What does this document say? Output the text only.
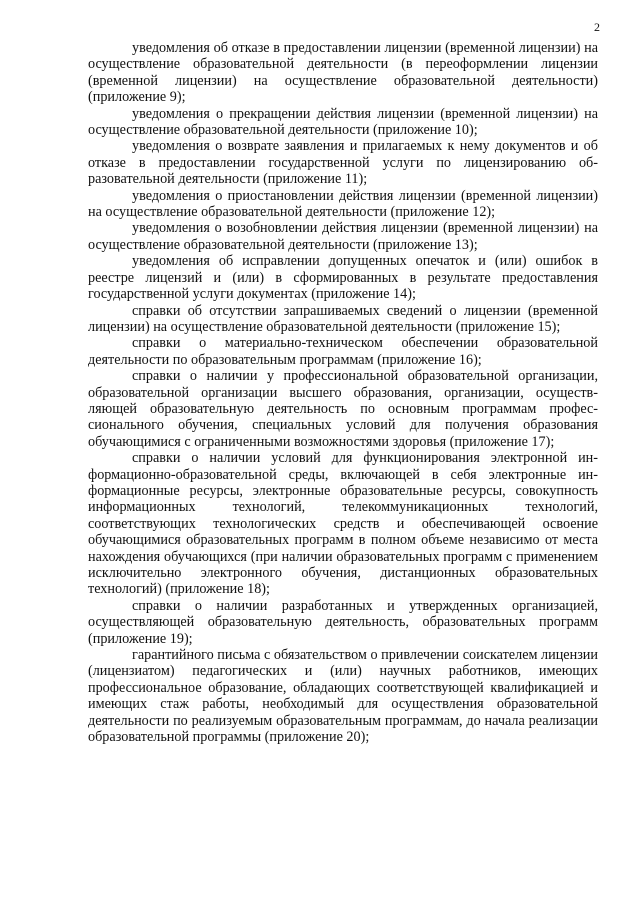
2

уведомления об отказе в предоставлении лицензии (временной лицензии) на осуществление образовательной деятельности (в переоформлении лицензии (временной лицензии) на осуществление образовательной деятельности) (приложение 9);

уведомления о прекращении действия лицензии (временной лицензии) на осуществление образовательной деятельности (приложение 10);

уведомления о возврате заявления и прилагаемых к нему документов и об отказе в предоставлении государственной услуги по лицензированию образовательной деятельности (приложение 11);

уведомления о приостановлении действия лицензии (временной лицензии) на осуществление образовательной деятельности (приложение 12);

уведомления о возобновлении действия лицензии (временной лицензии) на осуществление образовательной деятельности (приложение 13);

уведомления об исправлении допущенных опечаток и (или) ошибок в реестре лицензий и (или) в сформированных в результате предоставления государственной услуги документах (приложение 14);

справки об отсутствии запрашиваемых сведений о лицензии (временной лицензии) на осуществление образовательной деятельности (приложение 15);

справки о материально-техническом обеспечении образовательной деятельности по образовательным программам (приложение 16);

справки о наличии у профессиональной образовательной организации, образовательной организации высшего образования, организации, осуществляющей образовательную деятельность по основным программам профессионального обучения, специальных условий для получения образования обучающимися с ограниченными возможностями здоровья (приложение 17);

справки о наличии условий для функционирования электронной информационно-образовательной среды, включающей в себя электронные информационные ресурсы, электронные образовательные ресурсы, совокупность информационных технологий, телекоммуникационных технологий, соответствующих технологических средств и обеспечивающей освоение обучающимися образовательных программ в полном объеме независимо от места нахождения обучающихся (при наличии образовательных программ с применением исключительно электронного обучения, дистанционных образовательных технологий) (приложение 18);

справки о наличии разработанных и утвержденных организацией, осуществляющей образовательную деятельность, образовательных программ (приложение 19);

гарантийного письма с обязательством о привлечении соискателем лицензии (лицензиатом) педагогических и (или) научных работников, имеющих профессиональное образование, обладающих соответствующей квалификацией и имеющих стаж работы, необходимый для осуществления образовательной деятельности по реализуемым образовательным программам, до начала реализации образовательной программы (приложение 20);
